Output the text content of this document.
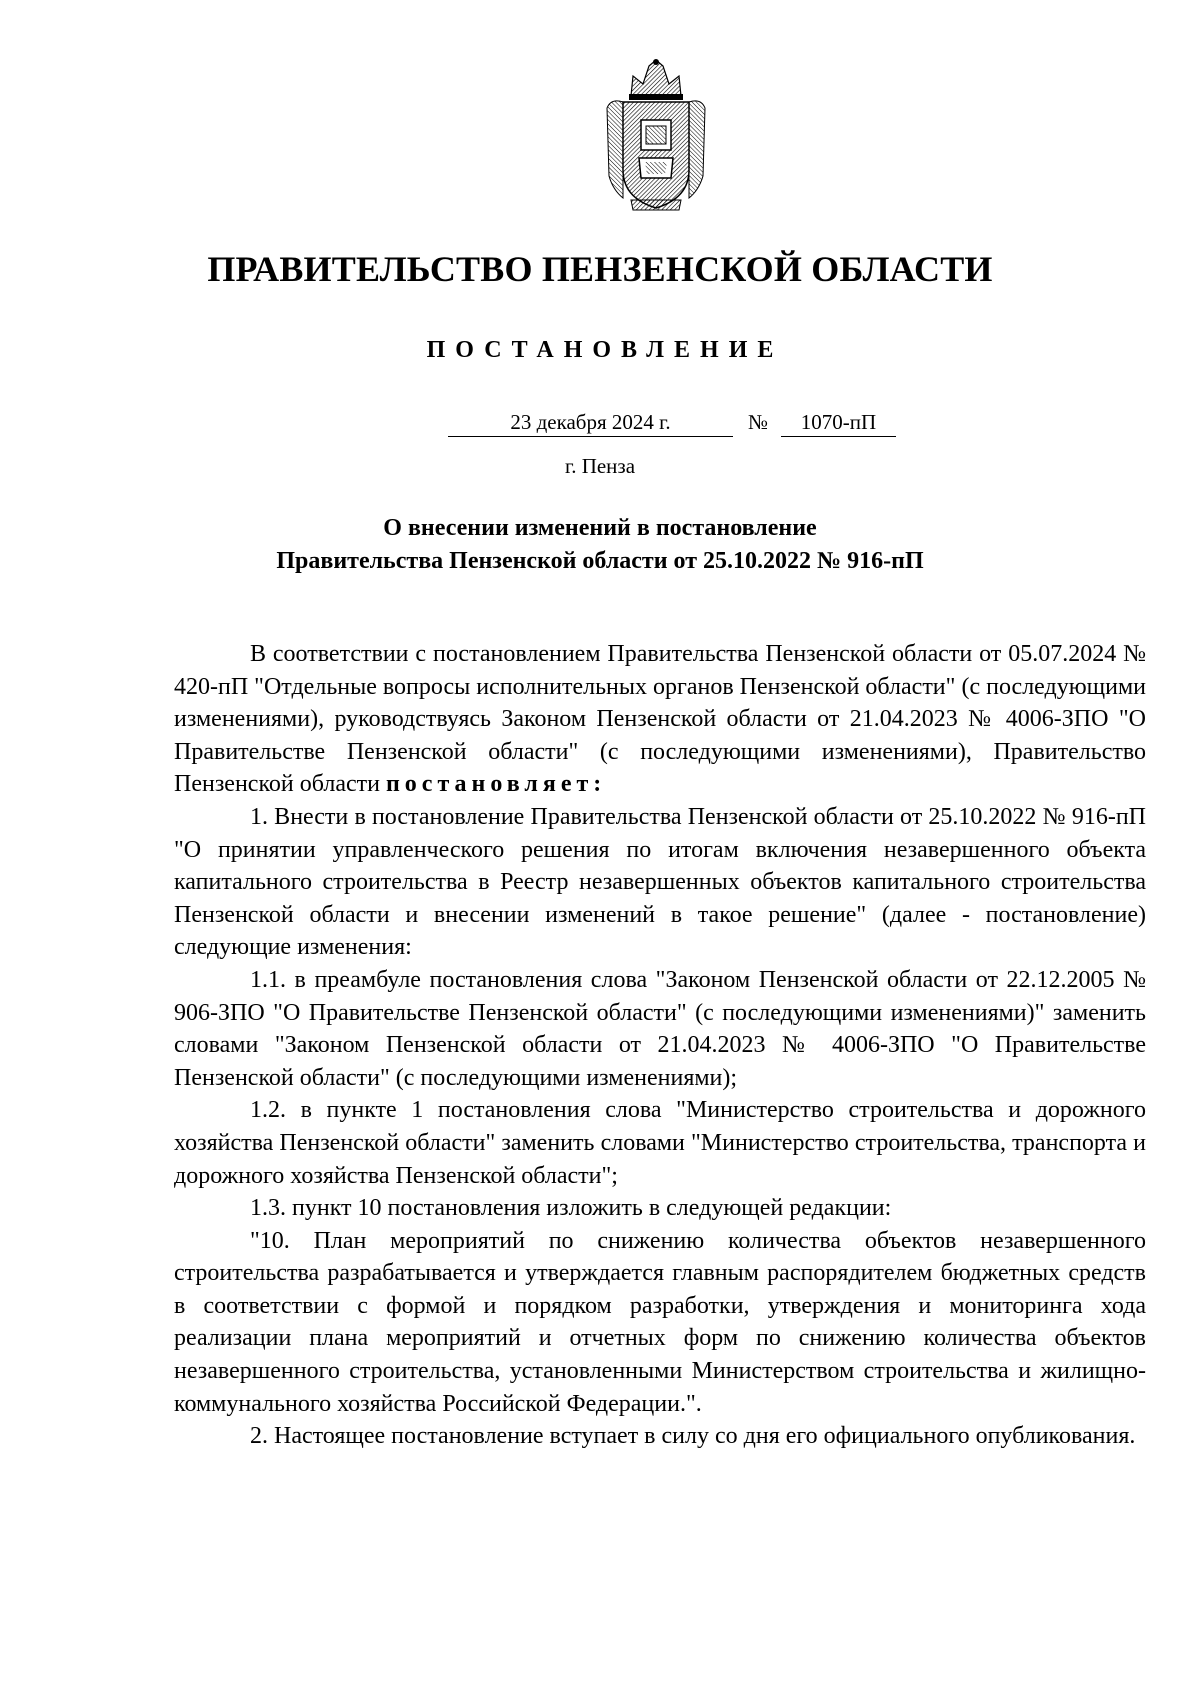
ПРАВИТЕЛЬСТВО ПЕНЗЕНСКОЙ ОБЛАСТИ
ПОСТАНОВЛЕНИЕ
23 декабря 2024 г.	№	1070-пП
г. Пенза
О внесении изменений в постановление
Правительства Пензенской области от 25.10.2022 № 916-пП

В соответствии с постановлением Правительства Пензенской области от 05.07.2024 № 420-пП "Отдельные вопросы исполнительных органов Пензенской области" (с последующими изменениями), руководствуясь Законом Пензенской области от 21.04.2023 № 4006-ЗПО "О Правительстве Пензенской области" (с последующими изменениями), Правительство Пензенской области постановляет:

1. Внести в постановление Правительства Пензенской области от 25.10.2022 № 916-пП "О принятии управленческого решения по итогам включения незавершенного объекта капитального строительства в Реестр незавершенных объектов капитального строительства Пензенской области и внесении изменений в такое решение" (далее - постановление) следующие изменения:

1.1. в преамбуле постановления слова "Законом Пензенской области от 22.12.2005 № 906-ЗПО "О Правительстве Пензенской области" (с последующими изменениями)" заменить словами "Законом Пензенской области от 21.04.2023 № 4006-ЗПО "О Правительстве Пензенской области" (с последующими изменениями);

1.2. в пункте 1 постановления слова "Министерство строительства и дорожного хозяйства Пензенской области" заменить словами "Министерство строительства, транспорта и дорожного хозяйства Пензенской области";

1.3. пункт 10 постановления изложить в следующей редакции:

"10. План мероприятий по снижению количества объектов незавершенного строительства разрабатывается и утверждается главным распорядителем бюджетных средств в соответствии с формой и порядком разработки, утверждения и мониторинга хода реализации плана мероприятий и отчетных форм по снижению количества объектов незавершенного строительства, установленными Министерством строительства и жилищно-коммунального хозяйства Российской Федерации.".

2. Настоящее постановление вступает в силу со дня его официального опубликования.
